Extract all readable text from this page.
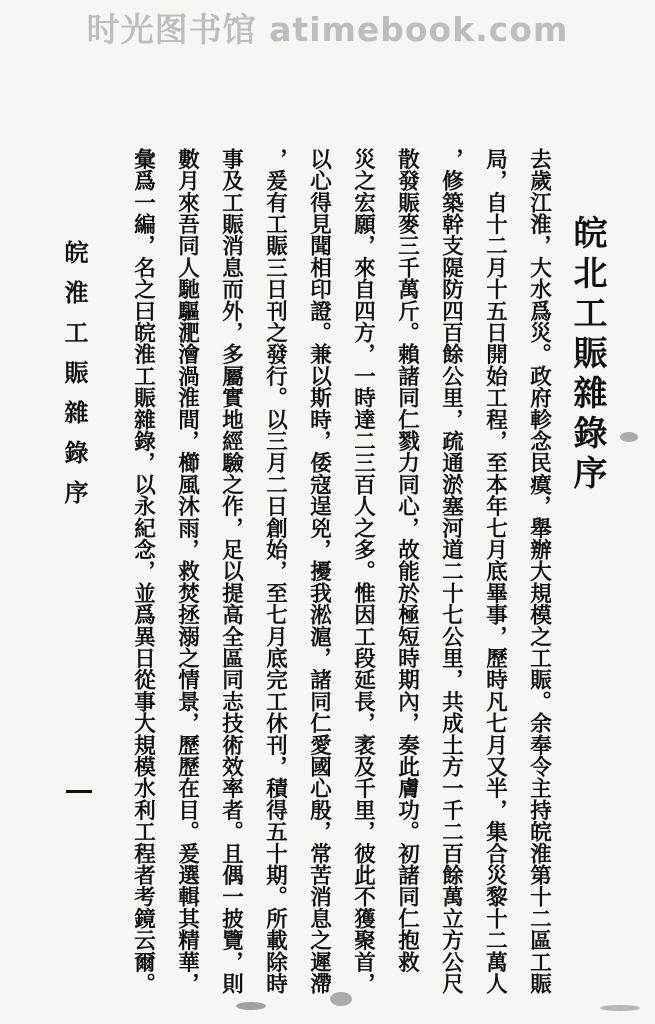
时光图书馆 atimebook.com
皖北工賑雜錄序
去歲江淮，大水爲災。政府軫念民瘼，舉辦大規模之工賑。余奉令主持皖淮第十二區工賑
局，自十二月十五日開始工程，至本年七月底畢事，歷時凡七月又半，集合災黎十二萬人
，修築幹支隄防四百餘公里，疏通淤塞河道二十七公里，共成土方一千二百餘萬立方公尺
散發賑麥三千萬斤。賴諸同仁戮力同心，故能於極短時期內，奏此膚功。初諸同仁抱救
災之宏願，來自四方，一時達二三百人之多。惟因工段延長，袤及千里，彼此不獲聚首，
以心得見聞相印證。兼以斯時，倭寇逞兇，擾我淞滬，諸同仁愛國心殷，常苦消息之遲滯
，爰有工賑三日刊之發行。以三月二日創始，至七月底完工休刊，積得五十期。所載除時
事及工賑消息而外，多屬實地經驗之作，足以提高全區同志技術效率者。且偶一披覽，則
數月來吾同人馳驅淝澮渦淮間，櫛風沐雨，救焚拯溺之情景，歷歷在目。爰選輯其精華，
彙爲一編，名之曰皖淮工賑雜錄，以永紀念，並爲異日從事大規模水利工程者考鏡云爾。
皖淮工賑雜錄序
